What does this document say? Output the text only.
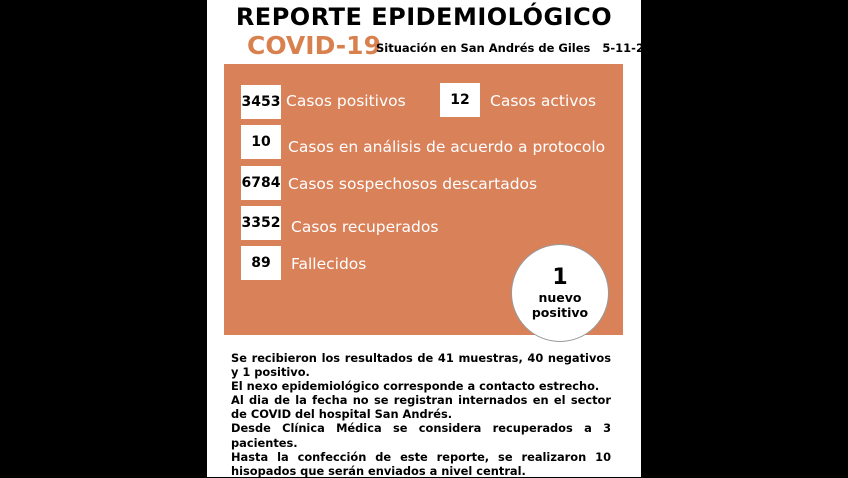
REPORTE EPIDEMIOLÓGICO
COVID-19
Situación en San Andrés de Giles 5-11-21
3453 Casos positivos	12	Casos activos
10	Casos en análisis de acuerdo a protocolo
6784 Casos sospechosos descartados
3352 Casos recuperados
89	Fallecidos
1
nuevo
positivo

Se recibieron los resultados de 41 muestras, 40 negativos y 1 positivo.

El nexo epidemiológico corresponde a contacto estrecho.

Al dia de la fecha no se registran internados en el sector de COVID del hospital San Andrés.

Desde Clínica Médica se considera recuperados a 3 pacientes.

Hasta la confección de este reporte, se realizaron 10 hisopados que serán enviados a nivel central.
